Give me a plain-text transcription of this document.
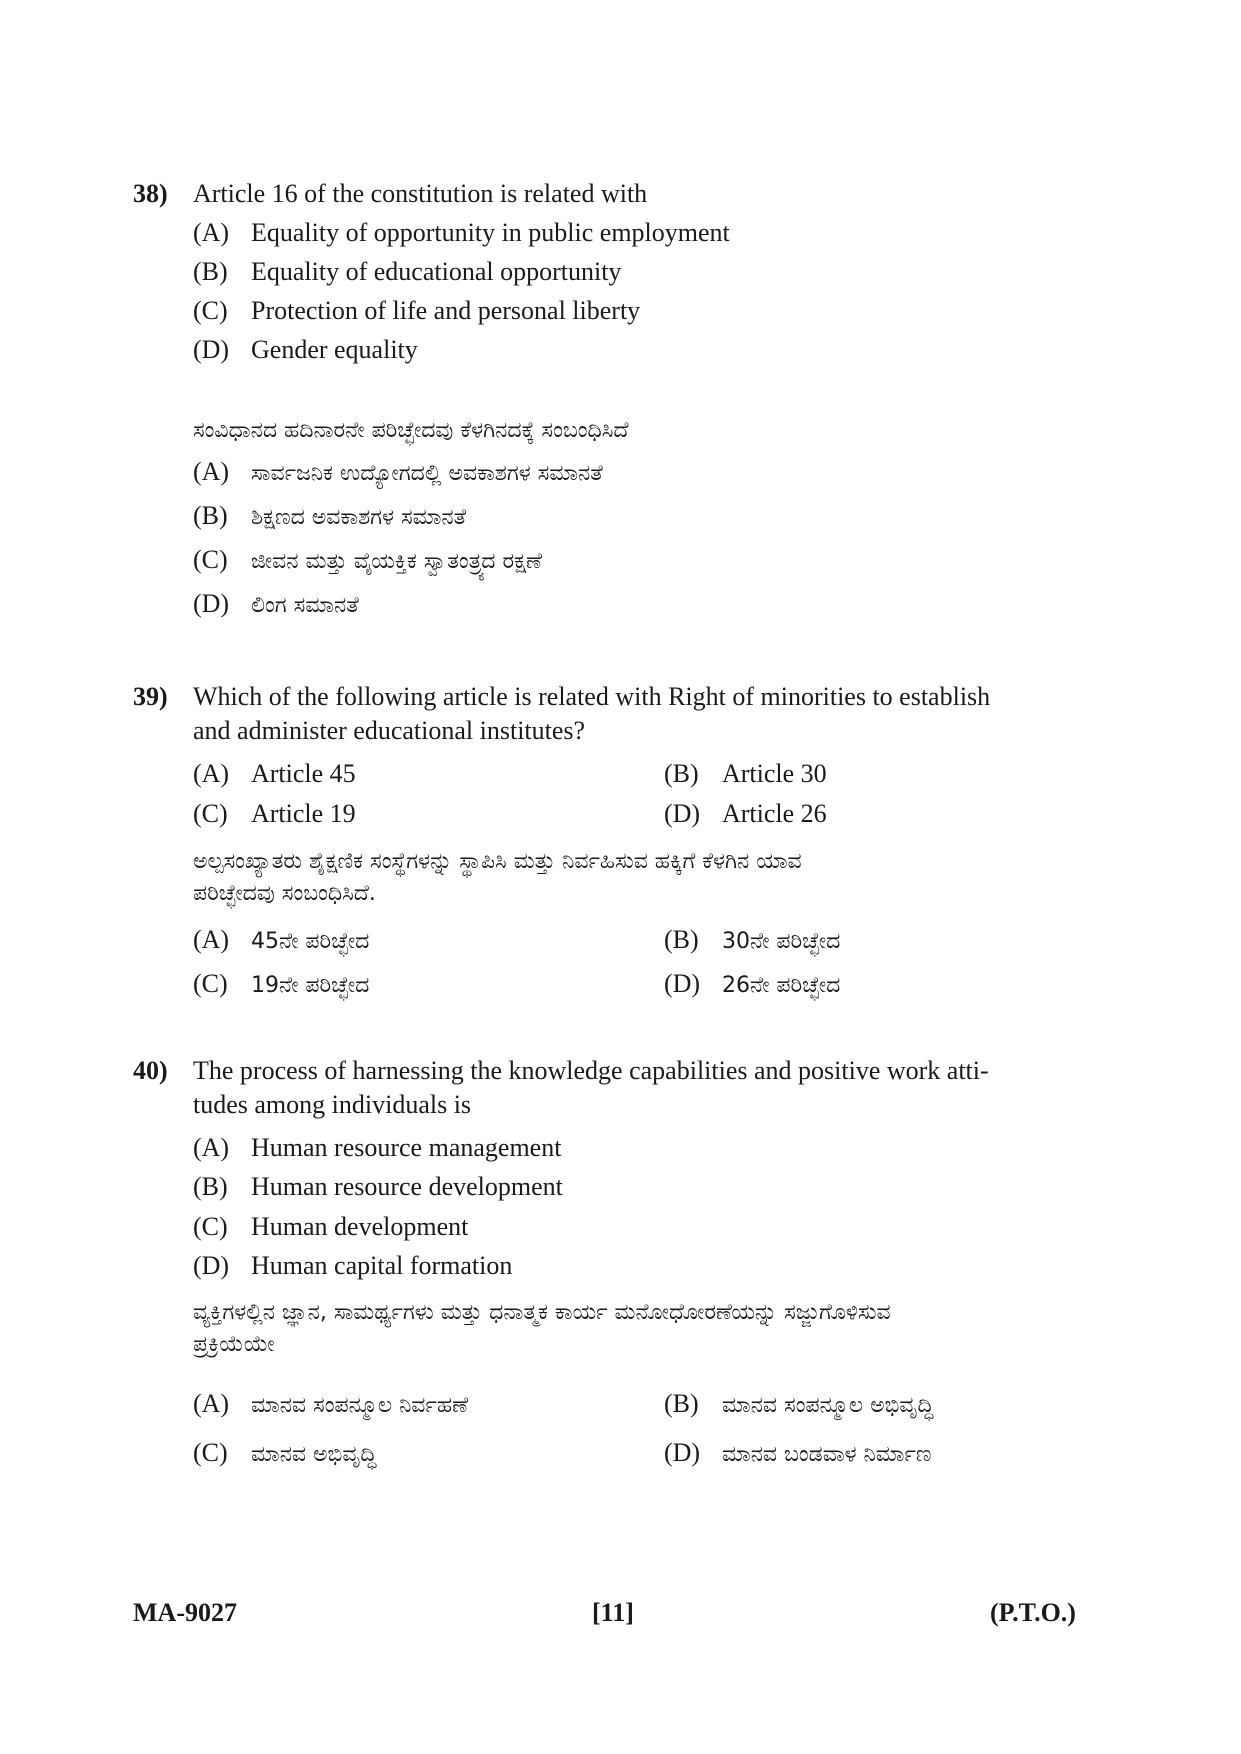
38) Article 16 of the constitution is related with
(A) Equality of opportunity in public employment
(B) Equality of educational opportunity
(C) Protection of life and personal liberty
(D) Gender equality
ಸಂವಿಧಾನದ ಹದಿನಾರನೇ ಪರಿಚ್ಛೇದವು ಕೆಳಗಿನದಕ್ಕೆ ಸಂಬಂಧಿಸಿದೆ
(A) ಸಾರ್ವಜನಿಕ ಉದ್ಯೋಗದಲ್ಲಿ ಅವಕಾಶಗಳ ಸಮಾನತೆ
(B) ಶಿಕ್ಷಣದ ಅವಕಾಶಗಳ ಸಮಾನತೆ
(C) ಜೀವನ ಮತ್ತು ವೈಯಕ್ತಿಕ ಸ್ವಾತಂತ್ರ್ಯದ ರಕ್ಷಣೆ
(D) ಲಿಂಗ ಸಮಾನತೆ
39) Which of the following article is related with Right of minorities to establish
and administer educational institutes?
(A) Article 45	(B) Article 30
(C) Article 19	(D) Article 26
ಅಲ್ಪಸಂಖ್ಯಾತರು ಶೈಕ್ಷಣಿಕ ಸಂಸ್ಥೆಗಳನ್ನು ಸ್ಥಾಪಿಸಿ ಮತ್ತು ನಿರ್ವಹಿಸುವ ಹಕ್ಕಿಗೆ ಕೆಳಗಿನ ಯಾವ
ಪರಿಚ್ಛೇದವು ಸಂಬಂಧಿಸಿದೆ.
(A) 45ನೇ ಪರಿಚ್ಛೇದ	(B) 30ನೇ ಪರಿಚ್ಛೇದ
(C) 19ನೇ ಪರಿಚ್ಛೇದ	(D) 26ನೇ ಪರಿಚ್ಛೇದ
40) The process of harnessing the knowledge capabilities and positive work atti-
tudes among individuals is
(A) Human resource management
(B) Human resource development
(C) Human development
(D) Human capital formation
ವ್ಯಕ್ತಿಗಳಲ್ಲಿನ ಜ್ಞಾನ, ಸಾಮರ್ಥ್ಯಗಳು ಮತ್ತು ಧನಾತ್ಮಕ ಕಾರ್ಯ ಮನೋಧೋರಣೆಯನ್ನು ಸಜ್ಜುಗೊಳಿಸುವ
ಪ್ರಕ್ರಿಯೆಯೇ
(A) ಮಾನವ ಸಂಪನ್ಮೂಲ ನಿರ್ವಹಣೆ	(B) ಮಾನವ ಸಂಪನ್ಮೂಲ ಅಭಿವೃದ್ಧಿ
(C) ಮಾನವ ಅಭಿವೃದ್ಧಿ	(D) ಮಾನವ ಬಂಡವಾಳ ನಿರ್ಮಾಣ
MA-9027	[11]	(P.T.O.)
